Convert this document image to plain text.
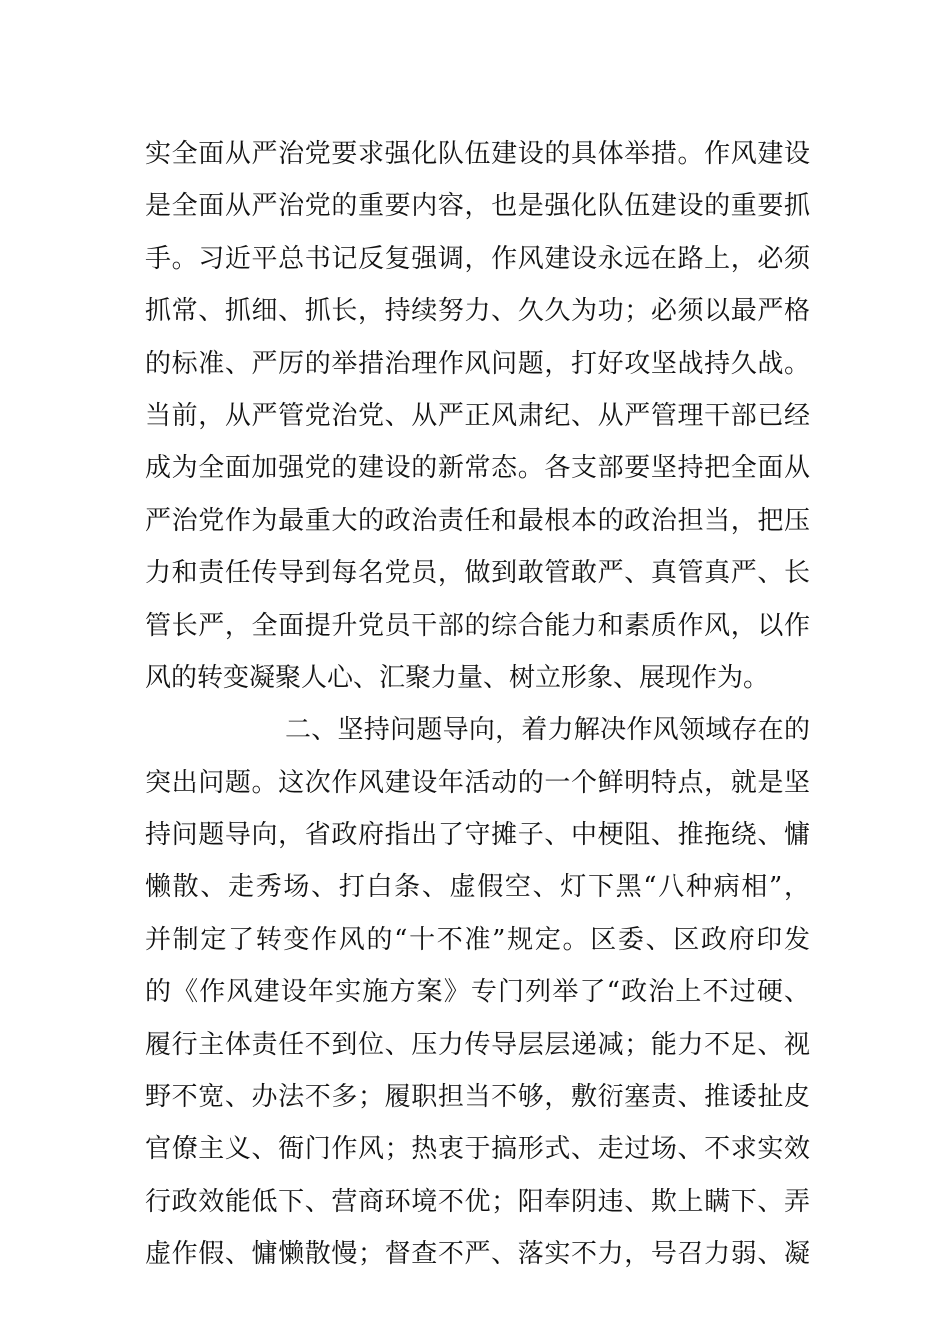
实全面从严治党要求强化队伍建设的具体举措。作风建设
是全面从严治党的重要内容，也是强化队伍建设的重要抓
手。习近平总书记反复强调，作风建设永远在路上，必须
抓常、抓细、抓长，持续努力、久久为功；必须以最严格
的标准、严厉的举措治理作风问题，打好攻坚战持久战。
当前，从严管党治党、从严正风肃纪、从严管理干部已经
成为全面加强党的建设的新常态。各支部要坚持把全面从
严治党作为最重大的政治责任和最根本的政治担当，把压
力和责任传导到每名党员，做到敢管敢严、真管真严、长
管长严，全面提升党员干部的综合能力和素质作风，以作
风的转变凝聚人心、汇聚力量、树立形象、展现作为。
二、坚持问题导向，着力解决作风领域存在的
突出问题。这次作风建设年活动的一个鲜明特点，就是坚
持问题导向，省政府指出了守摊子、中梗阻、推拖绕、慵
懒散、走秀场、打白条、虚假空、灯下黑“八种病相”，
并制定了转变作风的“十不准”规定。区委、区政府印发
的《作风建设年实施方案》专门列举了“政治上不过硬、
履行主体责任不到位、压力传导层层递减；能力不足、视
野不宽、办法不多；履职担当不够，敷衍塞责、推诿扯皮
官僚主义、衙门作风；热衷于搞形式、走过场、不求实效
行政效能低下、营商环境不优；阳奉阴违、欺上瞒下、弄
虚作假、慵懒散慢；督查不严、落实不力，号召力弱、凝
